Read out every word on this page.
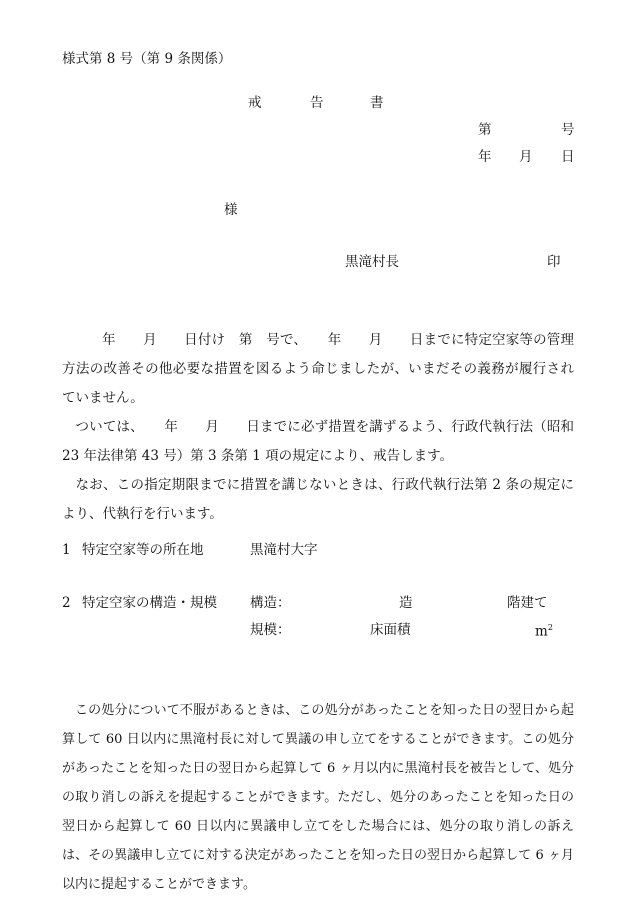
様式第 8 号（第 9 条関係）
戒	告	書
第	号
年 月 日
様
黒滝村長	印
年　　月　　日付け　第　号で、　　年　　月　　日までに特定空家等の管理方法の改善その他必要な措置を図るよう命じましたが、いまだその義務が履行されていません。
ついては、　　年　　月　　日までに必ず措置を講ずるよう、行政代執行法（昭和 23 年法律第 43 号）第 3 条第 1 項の規定により、戒告します。
なお、この指定期限までに措置を講じないときは、行政代執行法第 2 条の規定により、代執行を行います。
1 特定空家等の所在地	黒滝村大字
2 特定空家の構造・規模 構造：	造	階建て
規模：	床面積	$m^2$
この処分について不服があるときは、この処分があったことを知った日の翌日から起算して 60 日以内に黒滝村長に対して異議の申し立てをすることができます。この処分があったことを知った日の翌日から起算して 6 ヶ月以内に黒滝村長を被告として、処分の取り消しの訴えを提起することができます。ただし、処分のあったことを知った日の翌日から起算して 60 日以内に異議申し立てをした場合には、処分の取り消しの訴えは、その異議申し立てに対する決定があったことを知った日の翌日から起算して 6 ヶ月以内に提起することができます。
